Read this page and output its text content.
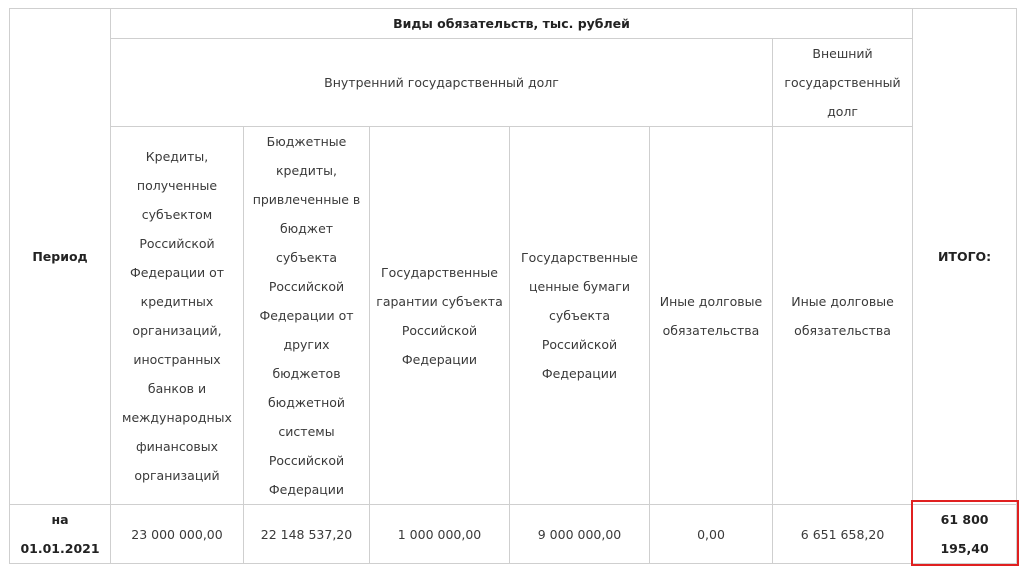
Период	Виды обязательств, тыс. рублей						ИТОГО:
	Внутренний государственный долг					Внешний государственный долг	
	Кредиты, полученные субъектом Российской Федерации от кредитных организаций, иностранных банков и международных финансовых организаций	Бюджетные кредиты, привлеченные в бюджет субъекта Российской Федерации от других бюджетов бюджетной системы Российской Федерации	Государственные гарантии субъекта Российской Федерации	Государственные ценные бумаги субъекта Российской Федерации	Иные долговые обязательства	Иные долговые обязательства	
на 01.01.2021	23 000 000,00	22 148 537,20	1 000 000,00	9 000 000,00	0,00	6 651 658,20	61 800 195,40
